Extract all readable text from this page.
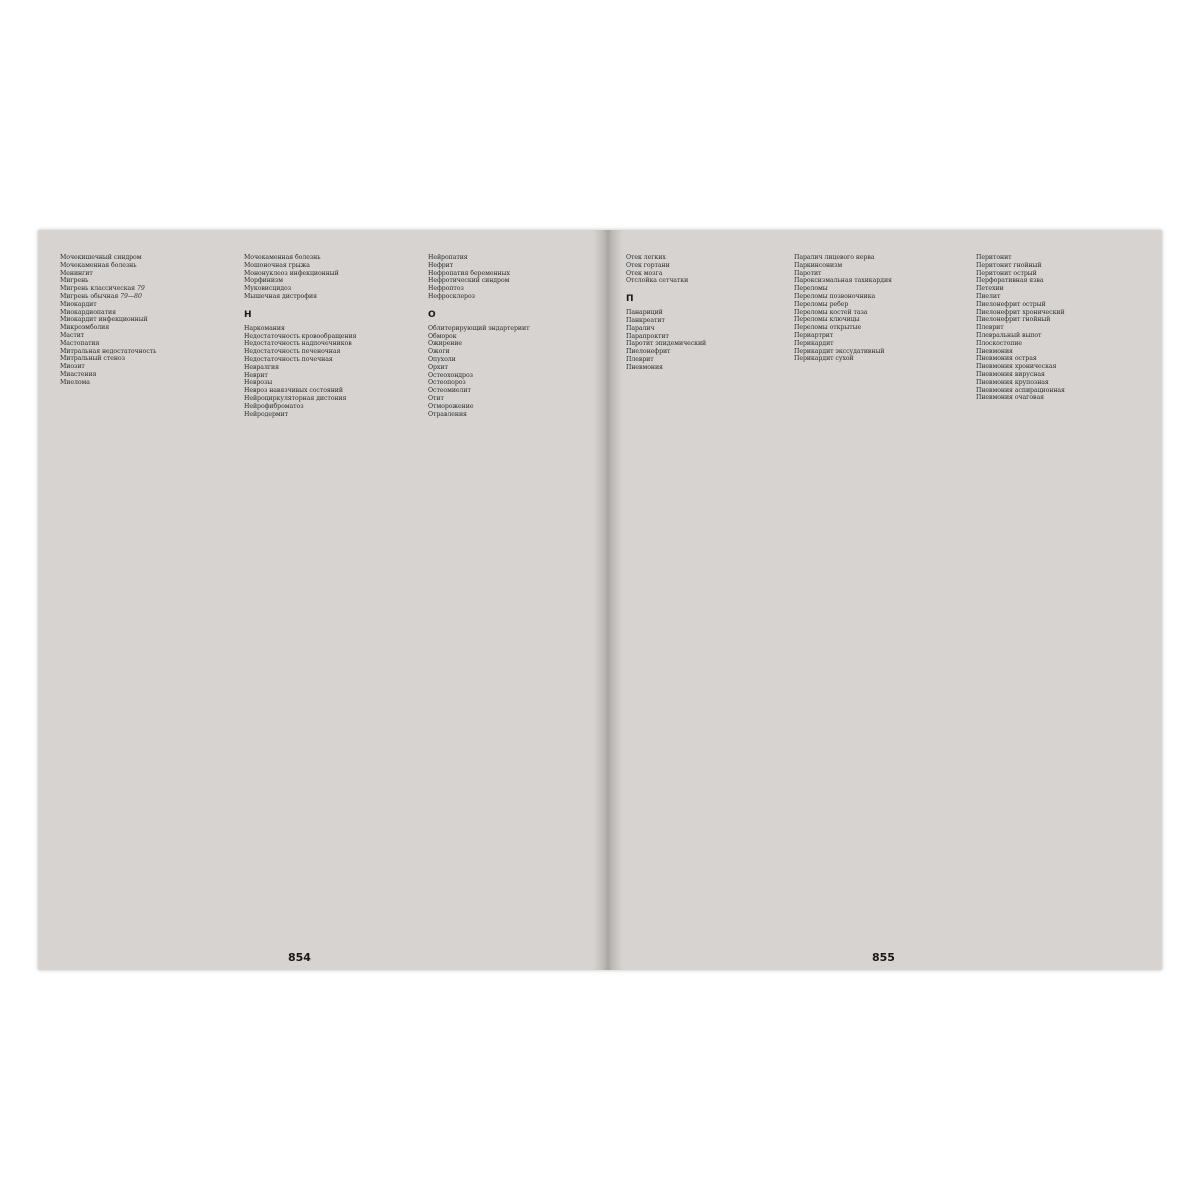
Мочекишечный синдром
Мочекаменная болезнь
Менингит
Мигрень
Мигрень классическая 79
Мигрень обычная 79—80
Миокардит
Миокардиопатия
Миокардит инфекционный
Микроэмболия
Мастит
Мастопатия
Митральная недостаточность
Митральный стеноз
Миозит
Миастения
Миелома
Мочекаменная болезнь
Мошоночная грыжа
Мононуклеоз инфекционный
Морфинизм
Муковисцидоз
Мышечная дистрофия
Н
Наркомания
Недостаточность кровообращения
Недостаточность надпочечников
Недостаточность печеночная
Недостаточность почечная
Невралгия
Неврит
Неврозы
Невроз навязчивых состояний
Нейроциркуляторная дистония
Нейрофиброматоз
Нейродермит
Нейропатия
Нефрит
Нефропатия беременных
Нефротический синдром
Нефроптоз
Нефросклероз
О
Облитерирующий эндартериит
Обморок
Ожирение
Ожоги
Опухоли
Орхит
Остеохондроз
Остеопороз
Остеомиелит
Отит
Отморожение
Отравления
854
Отек легких
Отек гортани
Отек мозга
Отслойка сетчатки
П
Панариций
Панкреатит
Паралич
Парапроктит
Паротит эпидемический
Пиелонефрит
Плеврит
Пневмония
Паралич лицевого нерва
Паркинсонизм
Паротит
Пароксизмальная тахикардия
Переломы
Переломы позвоночника
Переломы ребер
Переломы костей таза
Переломы ключицы
Переломы открытые
Периартрит
Перикардит
Перикардит экссудативный
Перикардит сухой
Перитонит
Перитонит гнойный
Перитонит острый
Перфоративная язва
Петехии
Пиелит
Пиелонефрит острый
Пиелонефрит хронический
Пиелонефрит гнойный
Плеврит
Плевральный выпот
Плоскостопие
Пневмония
Пневмония острая
Пневмония хроническая
Пневмония вирусная
Пневмония крупозная
Пневмония аспирационная
Пневмония очаговая
855
